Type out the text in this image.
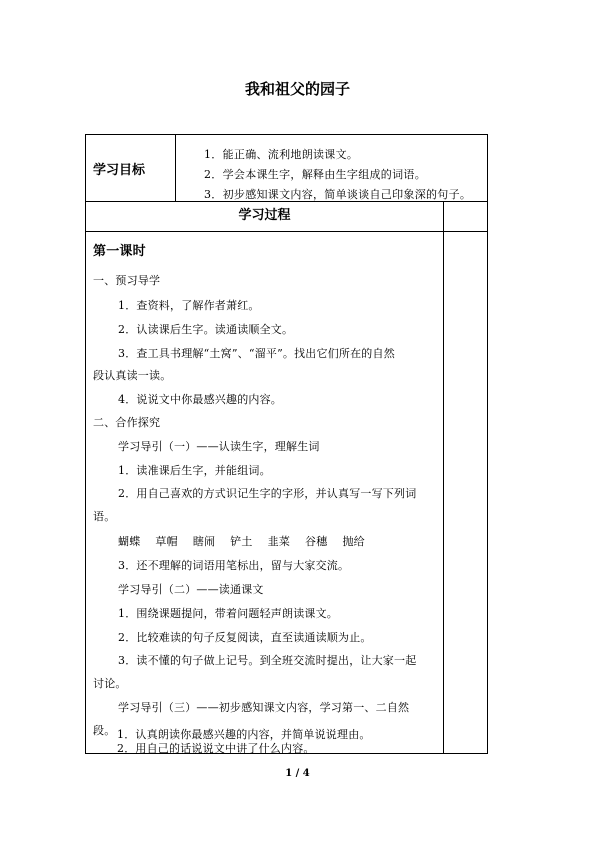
我和祖父的园子
学习目标
1．能正确、流利地朗读课文。
2．学会本课生字，解释由生字组成的词语。
3．初步感知课文内容，简单谈谈自己印象深的句子。
学习过程
第一课时
一、预习导学
1．查资料，了解作者萧红。
2．认读课后生字。读通读顺全文。
3．查工具书理解“土窝”、“溜平”。找出它们所在的自然
段认真读一读。
4．说说文中你最感兴趣的内容。
二、合作探究
学习导引（一）——认读生字，理解生词
1．读准课后生字，并能组词。
2．用自己喜欢的方式识记生字的字形，并认真写一写下列词
语。
蝴蝶 草帽 瞎闹 铲土 韭菜 谷穗 抛给
3．还不理解的词语用笔标出，留与大家交流。
学习导引（二）——读通课文
1．围绕课题提问，带着问题轻声朗读课文。
2．比较难读的句子反复阅读，直至读通读顺为止。
3．读不懂的句子做上记号。到全班交流时提出，让大家一起
讨论。
学习导引（三）——初步感知课文内容，学习第一、二自然
段。 1．认真朗读你最感兴趣的内容，并简单说说理由。
2．用自己的话说说文中讲了什么内容。
1 / 4
